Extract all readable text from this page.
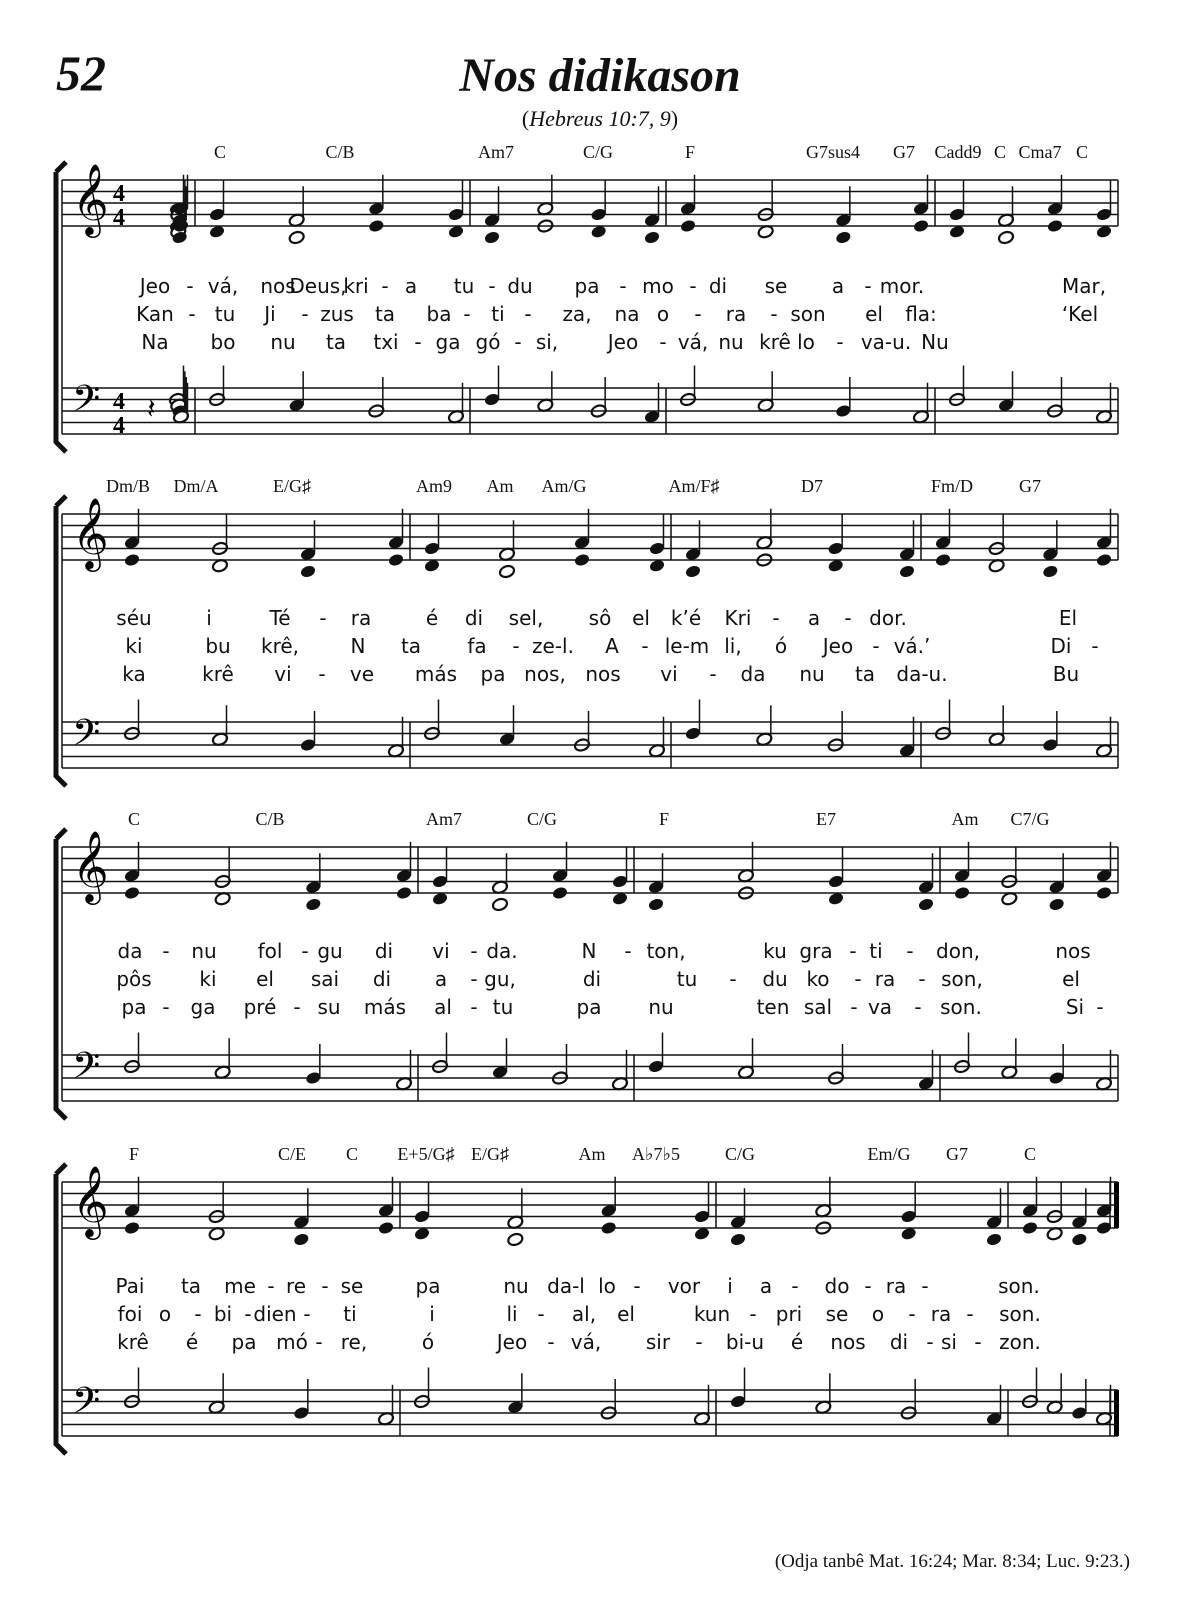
52	Nos didikason
(Hebreus 10:7, 9)
𝄞
𝄢
4
4
4
4
C	C/B	Am7	C/G	F	G7sus4 G7 Cadd9 C Cma7 C
Jeo - vá, nos
Deus,
kri - a tu - du pa - mo - di se a - mor.	Mar,
Kan - tu Ji - zus ta ba - ti - za, na o - ra - son el fla:	‘Kel
Na bo nu ta txi - ga gó - si, Jeo - vá, nu krê lo - va-u. Nu
𝄽
𝄞
𝄢
Dm/B Dm/A	E/G♯	Am9 Am Am/G	Am/F♯	D7	Fm/D	G7
séu	i	Té - ra	é di sel, sô el k’é Kri - a - dor.	El
ki	bu krê,	N ta fa - ze-l. A - le-m li, ó Jeo - vá.’	Di -
ka	krê vi - ve más pa nos, nos vi - da nu ta da-u.	Bu
𝄞
𝄢
C	C/B	Am7	C/G	F	E7	Am C7/G
da - nu fol - gu di vi - da.	N - ton,	ku gra - ti - don,	nos
pôs ki el sai di a - gu,	di	tu - du ko - ra - son,	el
pa - ga pré - su más al - tu	pa nu	ten sal - va - son.	Si -
𝄞
𝄢
F	C/E C E+5/G♯ E/G♯	Am A♭7♭5	C/G	Em/G G7	C
Pai ta me - re - se	pa	nu da-l lo - vor i a - do - ra -	son.
foi o - bi - dien - ti	i	li - al, el	kun - pri se o - ra - son.
krê é pa mó - re,	ó	Jeo - vá, sir - bi-u é nos di - si - zon.
(Odja tanbê Mat. 16:24; Mar. 8:34; Luc. 9:23.)
